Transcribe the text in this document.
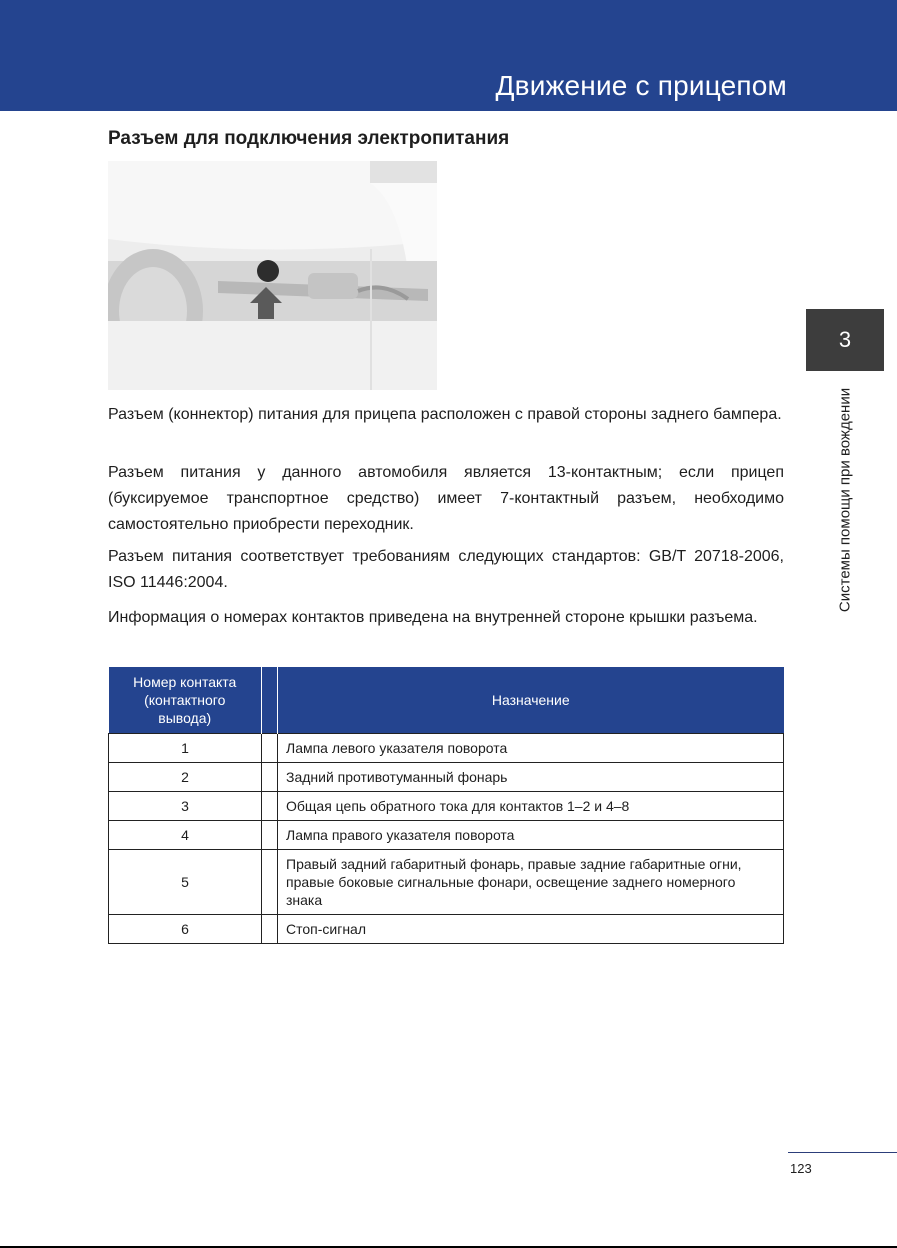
Движение с прицепом
Разъем для подключения электропитания
Разъем (коннектор) питания для прицепа расположен с правой стороны заднего бампера.
Разъем питания у данного автомобиля является 13-контактным; если прицеп (буксируемое транспортное средство) имеет 7-контактный разъем, необходимо самостоятельно приобрести переходник.
Разъем питания соответствует требованиям следующих стандартов: GB/T 20718-2006, ISO 11446:2004.
Информация о номерах контактов приведена на внутренней стороне крышки разъема.
3
Системы помощи при вождении
Номер контакта
(контактного
вывода)		Назначение
1		Лампа левого указателя поворота
2		Задний противотуманный фонарь
3		Общая цепь обратного тока для контактов 1–2 и 4–8
4		Лампа правого указателя поворота
5		Правый задний габаритный фонарь, правые задние габаритные огни, правые боковые сигнальные фонари, освещение заднего номерного знака
6		Стоп-сигнал
123
